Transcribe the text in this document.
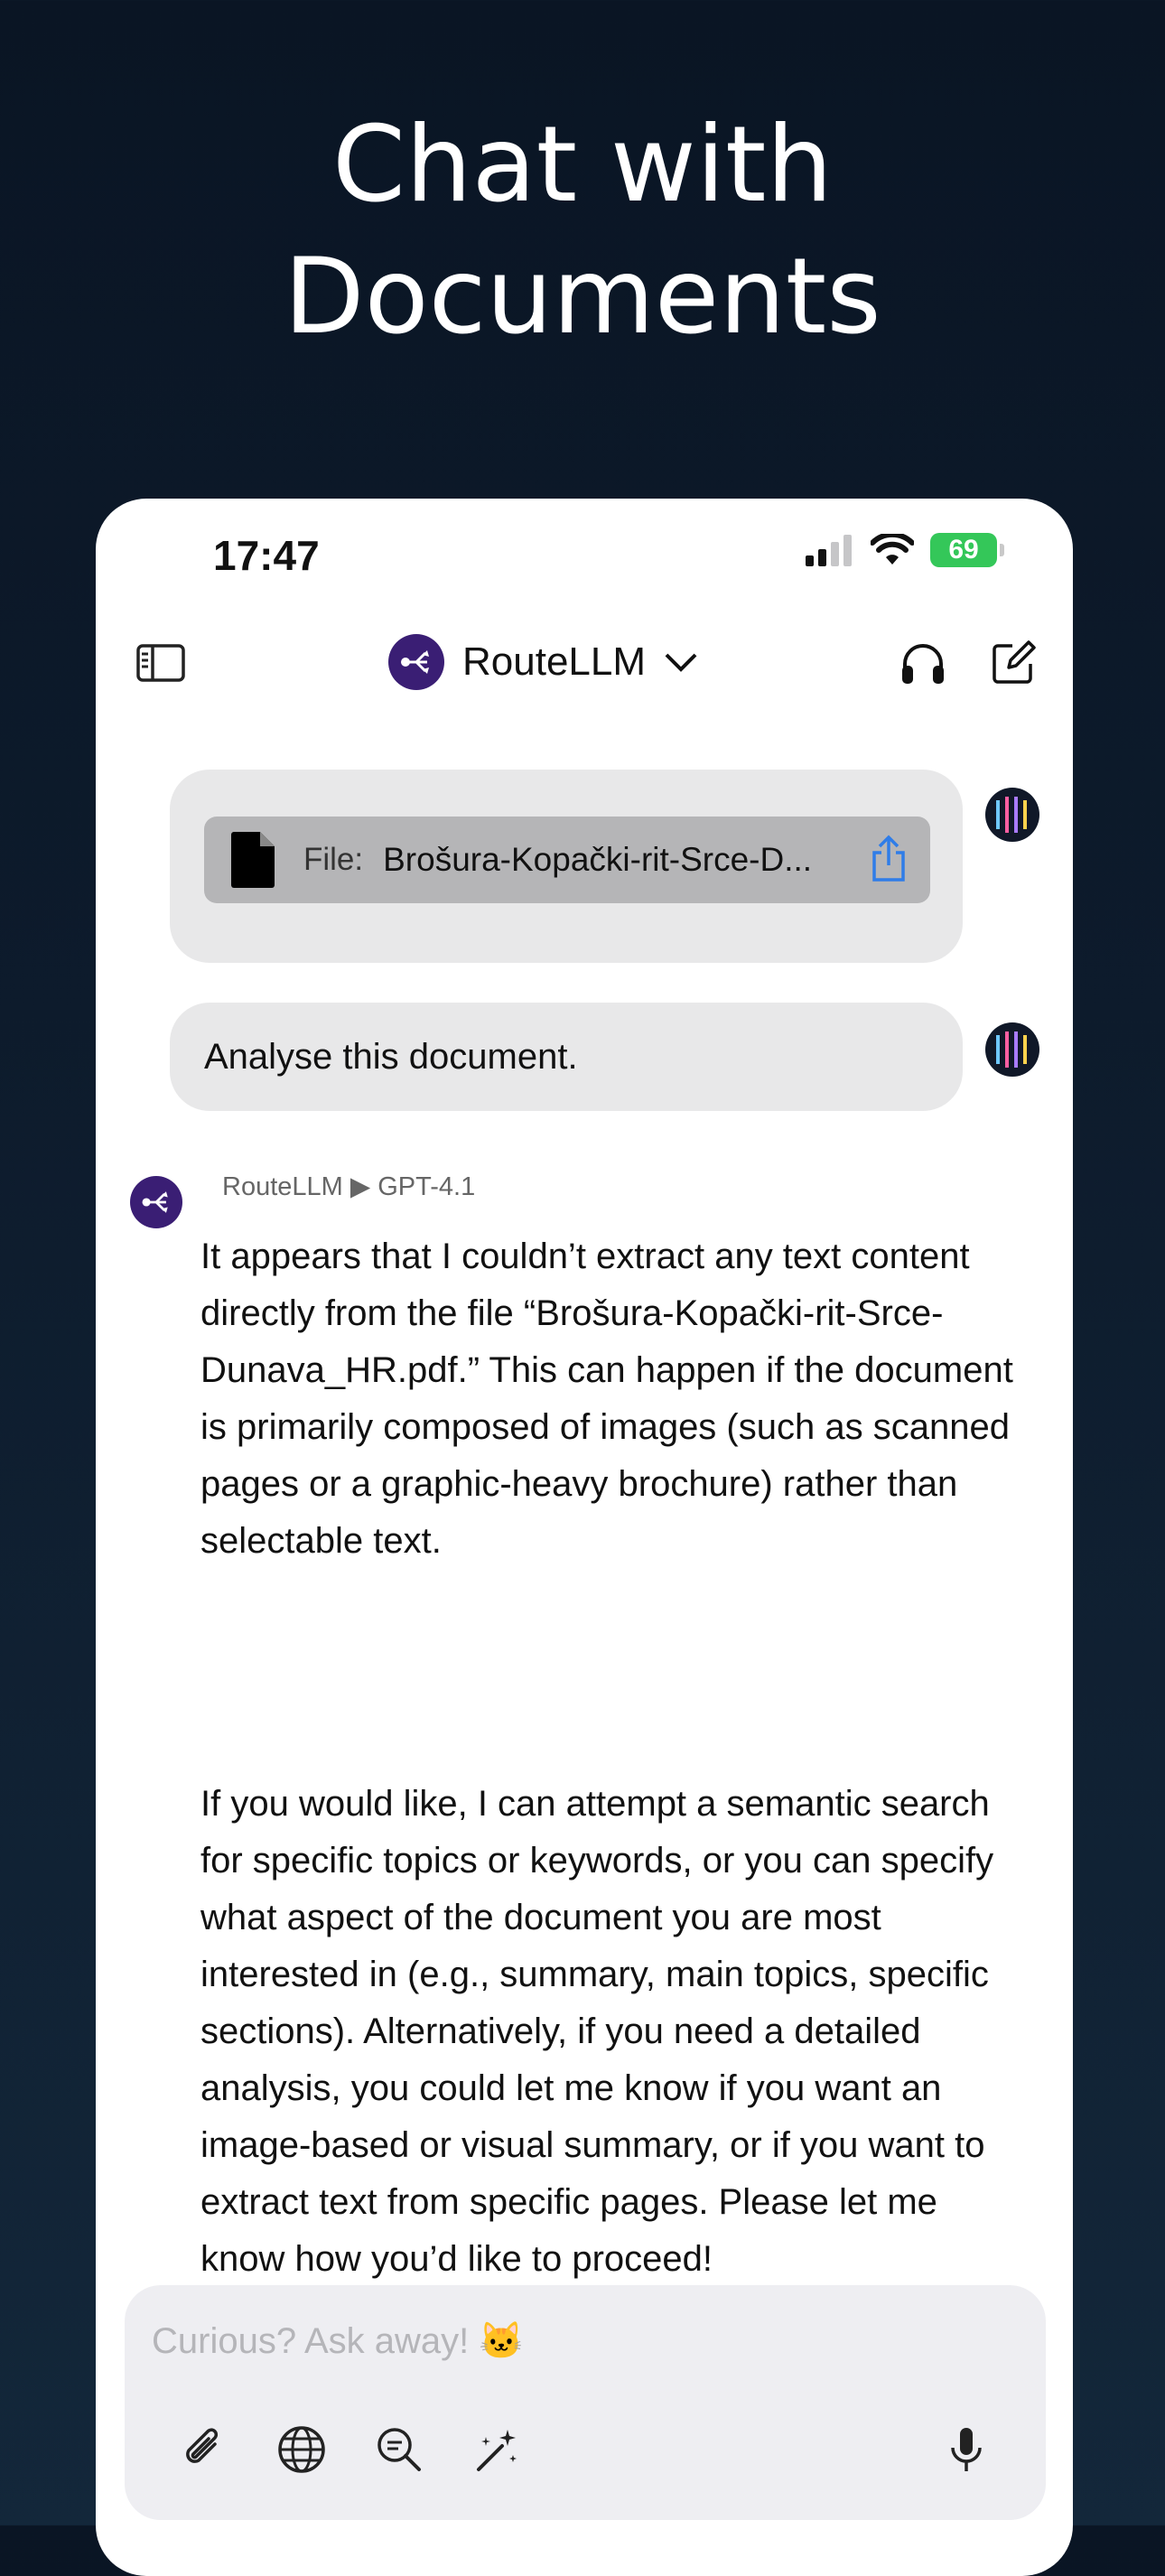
Chat with
Documents
17:47	69
RouteLLM
File: Brošura-Kopački-rit-Srce-D...
Analyse this document.
RouteLLM ▶ GPT-4.1
It appears that I couldn’t extract any text content directly from the file “Brošura-Kopački-rit-Srce-Dunava_HR.pdf.” This can happen if the document is primarily composed of images (such as scanned pages or a graphic-heavy brochure) rather than selectable text.
If you would like, I can attempt a semantic search for specific topics or keywords, or you can specify what aspect of the document you are most interested in (e.g., summary, main topics, specific sections). Alternatively, if you need a detailed analysis, you could let me know if you want an image-based or visual summary, or if you want to extract text from specific pages. Please let me know how you’d like to proceed!
Curious? Ask away! 🐱
